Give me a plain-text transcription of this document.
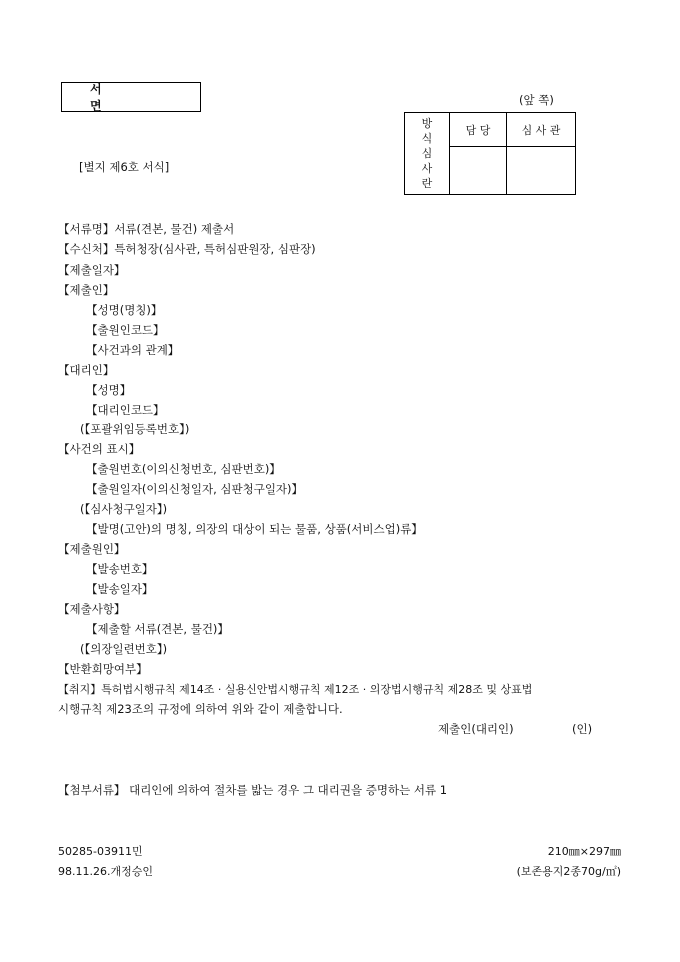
서 면	(앞 쪽)
방
식
심
사
란	담 당	심 사 관

[별지 제6호 서식]
【서류명】서류(견본, 물건) 제출서
【수신처】특허청장(심사관, 특허심판원장, 심판장)
【제출일자】
【제출인】
【성명(명칭)】
【출원인코드】
【사건과의 관계】
【대리인】
【성명】
【대리인코드】
(【포괄위임등록번호】)
【사건의 표시】
【출원번호(이의신청번호, 심판번호)】
【출원일자(이의신청일자, 심판청구일자)】
(【심사청구일자】)
【발명(고안)의 명칭, 의장의 대상이 되는 물품, 상품(서비스업)류】
【제출원인】
【발송번호】
【발송일자】
【제출사항】
【제출할 서류(견본, 물건)】
(【의장일련번호】)
【반환희망여부】
【취지】특허법시행규칙 제14조 · 실용신안법시행규칙 제12조 · 의장법시행규칙 제28조 및 상표법
시행규칙 제23조의 규정에 의하여 위와 같이 제출합니다.
제출인(대리인)	(인)
【첨부서류】 대리인에 의하여 절차를 밟는 경우 그 대리권을 증명하는 서류 1
50285-03911민
98.11.26.개정승인
210㎜×297㎜
(보존용지2종70g/㎡)
